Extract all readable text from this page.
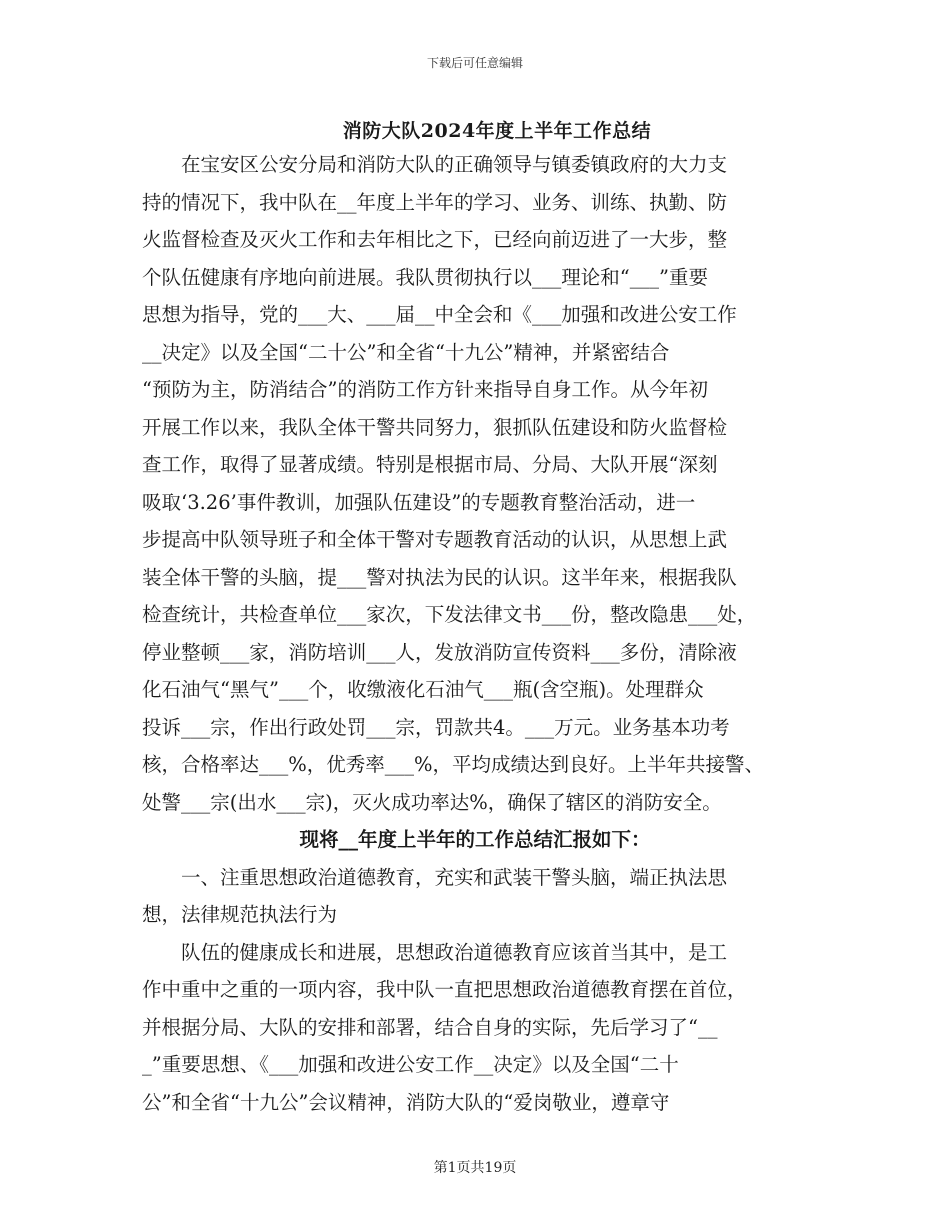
下载后可任意编辑
消防大队2024年度上半年工作总结
在宝安区公安分局和消防大队的正确领导与镇委镇政府的大力支
持的情况下，我中队在__年度上半年的学习、业务、训练、执勤、防
火监督检查及灭火工作和去年相比之下，已经向前迈进了一大步，整
个队伍健康有序地向前进展。我队贯彻执行以___理论和“___”重要
思想为指导，党的___大、___届__中全会和《___加强和改进公安工作
__决定》以及全国“二十公”和全省“十九公”精神，并紧密结合
“预防为主，防消结合”的消防工作方针来指导自身工作。从今年初
开展工作以来，我队全体干警共同努力，狠抓队伍建设和防火监督检
查工作，取得了显著成绩。特别是根据市局、分局、大队开展“深刻
吸取‘3.26’事件教训，加强队伍建设”的专题教育整治活动，进一
步提高中队领导班子和全体干警对专题教育活动的认识，从思想上武
装全体干警的头脑，提___警对执法为民的认识。这半年来，根据我队
检查统计，共检查单位___家次，下发法律文书___份，整改隐患___处，
停业整顿___家，消防培训___人，发放消防宣传资料___多份，清除液
化石油气“黑气”___个，收缴液化石油气___瓶(含空瓶)。处理群众
投诉___宗，作出行政处罚___宗，罚款共4。___万元。业务基本功考
核，合格率达___%，优秀率___%，平均成绩达到良好。上半年共接警、
处警___宗(出水___宗)，灭火成功率达%，确保了辖区的消防安全。
现将__年度上半年的工作总结汇报如下：
一、注重思想政治道德教育，充实和武装干警头脑，端正执法思
想，法律规范执法行为
队伍的健康成长和进展，思想政治道德教育应该首当其中，是工
作中重中之重的一项内容，我中队一直把思想政治道德教育摆在首位，
并根据分局、大队的安排和部署，结合自身的实际，先后学习了“__
_”重要思想、《___加强和改进公安工作__决定》以及全国“二十
公”和全省“十九公”会议精神，消防大队的“爱岗敬业，遵章守
第1页共19页
